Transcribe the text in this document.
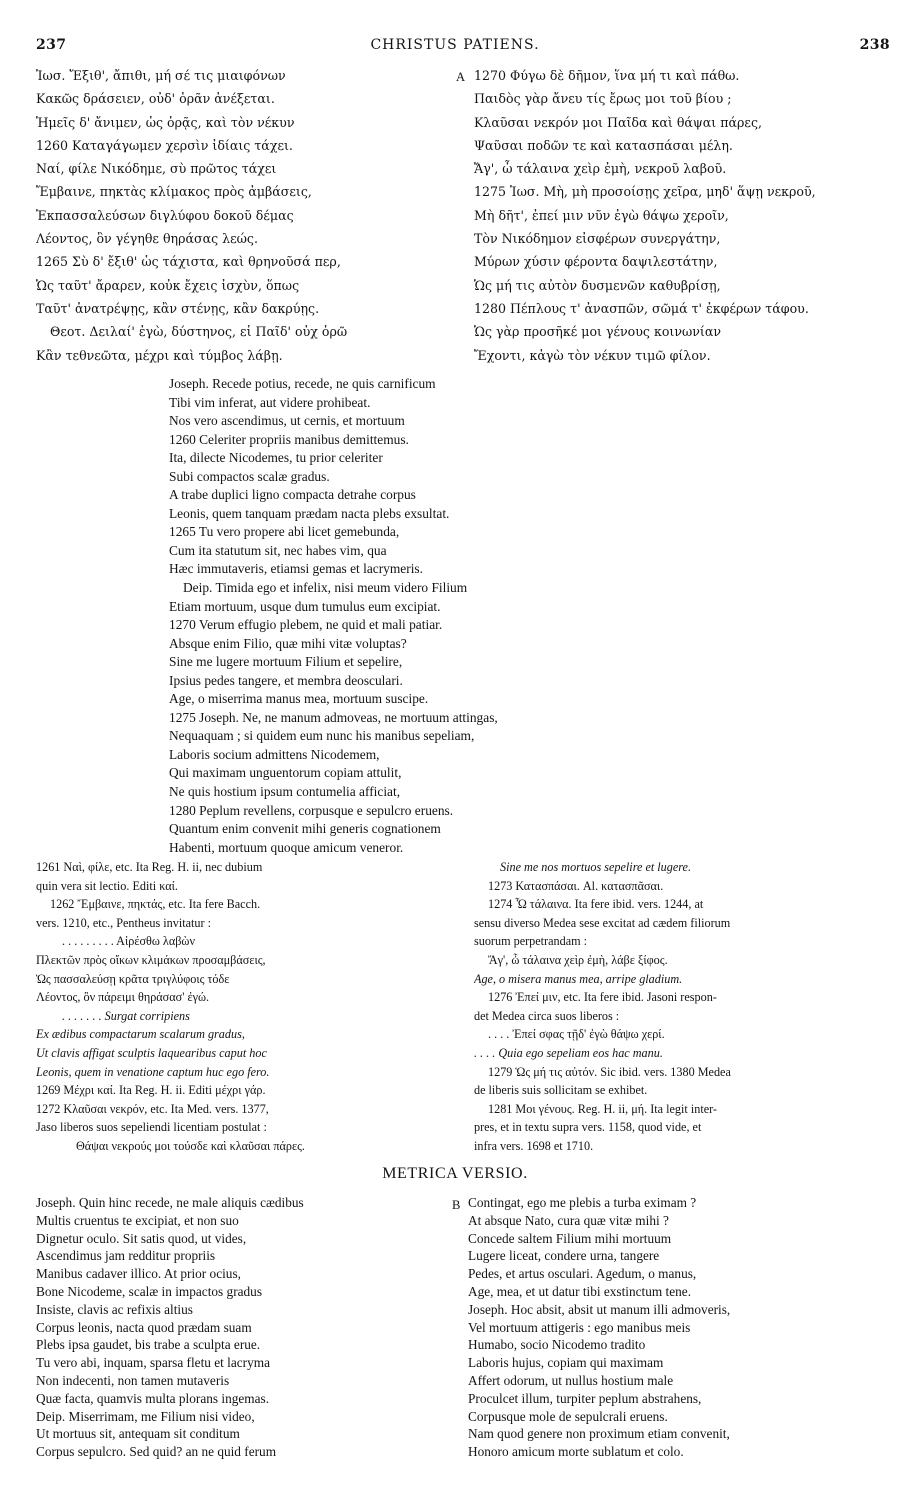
237	CHRISTUS PATIENS.	238
Ἰωσ. Ἔξιθ', ἄπιθι, μή σέ τις μιαιφόνων
Κακῶς δράσειεν, οὐδ' ὁρᾶν ἀνέξεται.
Ἡμεῖς δ' ἄνιμεν, ὡς ὁρᾷς, καὶ τὸν νέκυν
1260 Καταγάγωμεν χερσὶν ἰδίαις τάχει.
Ναί, φίλε Νικόδημε, σὺ πρῶτος τάχει
Ἔμβαινε, πηκτὰς κλίμακος πρὸς ἀμβάσεις,
Ἐκπασσαλεύσων διγλύφου δοκοῦ δέμας
Λέοντος, ὃν γέγηθε θηράσας λεώς.
1265 Σὺ δ' ἔξιθ' ὡς τάχιστα, καὶ θρηνοῦσά περ,
Ὡς ταῦτ' ἄραρεν, κοὐκ ἔχεις ἰσχὺν, ὅπως
Ταῦτ' ἀνατρέψῃς, κἂν στένῃς, κἂν δακρύῃς.
Θεοτ. Δειλαί' ἐγὼ, δύστηνος, εἰ Παῖδ' οὐχ ὁρῶ
Κἂν τεθνεῶτα, μέχρι καὶ τύμβος λάβῃ.
A 1270 Φύγω δὲ δῆμον, ἵνα μή τι καὶ πάθω.
Παιδὸς γὰρ ἄνευ τίς ἔρως μοι τοῦ βίου ;
Κλαῦσαι νεκρόν μοι Παῖδα καὶ θάψαι πάρες,
Ψαῦσαι ποδῶν τε καὶ κατασπάσαι μέλη.
Ἄγ', ὦ τάλαινα χεὶρ ἐμὴ, νεκροῦ λαβοῦ.
1275 Ἰωσ. Μὴ, μὴ προσοίσῃς χεῖρα, μηδ' ἅψῃ νεκροῦ,
Μὴ δῆτ', ἐπεί μιν νῦν ἐγὼ θάψω χεροῖν,
Τὸν Νικόδημον εἰσφέρων συνεργάτην,
Μύρων χύσιν φέροντα δαψιλεστάτην,
Ὡς μή τις αὐτὸν δυσμενῶν καθυβρίσῃ,
1280 Πέπλους τ' ἀνασπῶν, σῶμά τ' ἐκφέρων τάφου.
Ὡς γὰρ προσῆκέ μοι γένους κοινωνίαν
Ἔχοντι, κἀγὼ τὸν νέκυν τιμῶ φίλον.
Joseph. Recede potius, recede, ne quis carnificum
Tibi vim inferat, aut videre prohibeat.
Nos vero ascendimus, ut cernis, et mortuum
1260 Celeriter propriis manibus demittemus.
Ita, dilecte Nicodemes, tu prior celeriter
Subi compactos scalæ gradus.
A trabe duplici ligno compacta detrahe corpus
Leonis, quem tanquam prædam nacta plebs exsultat.
1265 Tu vero propere abi licet gemebunda,
Cum ita statutum sit, nec habes vim, qua
Hæc immutaveris, etiamsi gemas et lacrymeris.
Deip. Timida ego et infelix, nisi meum videro Filium
Etiam mortuum, usque dum tumulus eum excipiat.
1270 Verum effugio plebem, ne quid et mali patiar.
Absque enim Filio, quæ mihi vitæ voluptas?
Sine me lugere mortuum Filium et sepelire,
Ipsius pedes tangere, et membra deosculari.
Age, o miserrima manus mea, mortuum suscipe.
1275 Joseph. Ne, ne manum admoveas, ne mortuum attingas,
Nequaquam ; si quidem eum nunc his manibus sepeliam,
Laboris socium admittens Nicodemem,
Qui maximam unguentorum copiam attulit,
Ne quis hostium ipsum contumelia afficiat,
1280 Peplum revellens, corpusque e sepulcro eruens.
Quantum enim convenit mihi generis cognationem
Habenti, mortuum quoque amicum veneror.
1261 Ναὶ, φίλε, etc. Ita Reg. H. ii, nec dubium
quin vera sit lectio. Editi καί.
1262 Ἔμβαινε, πηκτάς, etc. Ita fere Bacch.
vers. 1210, etc., Pentheus invitatur :
. . . . . . . . . Αἱρέσθω λαβὼν
Πλεκτῶν πρὸς οἴκων κλιμάκων προσαμβάσεις,
Ὡς πασσαλεύσῃ κρᾶτα τριγλύφοις τόδε
Λέοντος, ὃν πάρειμι θηράσασ' ἐγώ.
. . . . . . . Surgat corripiens
Ex ædibus compactarum scalarum gradus,
Ut clavis affigat sculptis laquearibus caput hoc
Leonis, quem in venatione captum huc ego fero.
1269 Μέχρι καί. Ita Reg. H. ii. Editi μέχρι γάρ.
1272 Κλαῦσαι νεκρόν, etc. Ita Med. vers. 1377,
Jaso liberos suos sepeliendi licentiam postulat :
Θάψαι νεκρούς μοι τούσδε καὶ κλαῦσαι πάρες.
Sine me nos mortuos sepelire et lugere.
1273 Κατασπάσαι. Al. κατασπᾶσαι.
1274 Ὦ τάλαινα. Ita fere ibid. vers. 1244, at
sensu diverso Medea sese excitat ad cædem filiorum
suorum perpetrandam :
Ἄγ', ὦ τάλαινα χεὶρ ἐμὴ, λάβε ξίφος.
Age, o misera manus mea, arripe gladium.
1276 Ἐπεί μιν, etc. Ita fere ibid. Jasoni respon-
det Medea circa suos liberos :
. . . . Ἐπεί σφας τῇδ' ἐγὼ θάψω χερί.
. . . . Quia ego sepeliam eos hac manu.
1279 Ὡς μή τις αὐτόν. Sic ibid. vers. 1380 Medea
de liberis suis sollicitam se exhibet.
1281 Μοι γένους. Reg. H. ii, μή. Ita legit inter-
pres, et in textu supra vers. 1158, quod vide, et
infra vers. 1698 et 1710.
METRICA VERSIO.
Joseph. Quin hinc recede, ne male aliquis cædibus
Multis cruentus te excipiat, et non suo
Dignetur oculo. Sit satis quod, ut vides,
Ascendimus jam redditur propriis
Manibus cadaver illico. At prior ocius,
Bone Nicodeme, scalæ in impactos gradus
Insiste, clavis ac refixis altius
Corpus leonis, nacta quod prædam suam
Plebs ipsa gaudet, bis trabe a sculpta erue.
Tu vero abi, inquam, sparsa fletu et lacryma
Non indecenti, non tamen mutaveris
Quæ facta, quamvis multa plorans ingemas.
Deip. Miserrimam, me Filium nisi video,
Ut mortuus sit, antequam sit conditum
Corpus sepulcro. Sed quid? an ne quid ferum
B Contingat, ego me plebis a turba eximam ?
At absque Nato, cura quæ vitæ mihi ?
Concede saltem Filium mihi mortuum
Lugere liceat, condere urna, tangere
Pedes, et artus osculari. Agedum, o manus,
Age, mea, et ut datur tibi exstinctum tene.
Joseph. Hoc absit, absit ut manum illi admoveris,
Vel mortuum attigeris : ego manibus meis
Humabo, socio Nicodemo tradito
Laboris hujus, copiam qui maximam
Affert odorum, ut nullus hostium male
Proculcet illum, turpiter peplum abstrahens,
Corpusque mole de sepulcrali eruens.
Nam quod genere non proximum etiam convenit,
Honoro amicum morte sublatum et colo.
